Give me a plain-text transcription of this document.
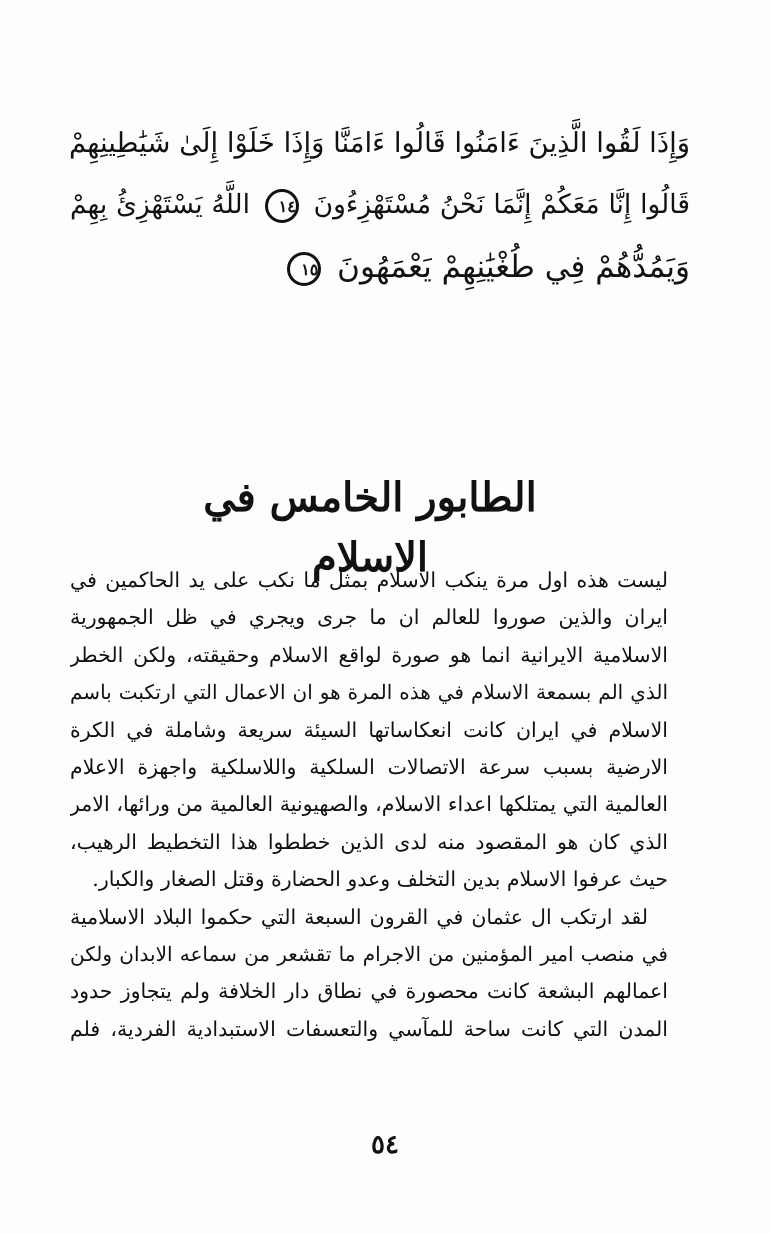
وَإِذَا لَقُوا الَّذِينَ ءَامَنُوا قَالُوا ءَامَنَّا وَإِذَا خَلَوْا إِلَىٰ شَيَٰطِينِهِمْ
قَالُوا إِنَّا مَعَكُمْ إِنَّمَا نَحْنُ مُسْتَهْزِءُونَ ١٤ اللَّهُ يَسْتَهْزِئُ بِهِمْ
وَيَمُدُّهُمْ فِي طُغْيَٰنِهِمْ يَعْمَهُونَ ١٥
الطابور الخامس في الاسلام
ليست هذه اول مرة ينكب الاسلام بمثل ما نكب على يد الحاكمين في
ايران والذين صوروا للعالم ان ما جرى ويجري في ظل الجمهورية
الاسلامية الايرانية انما هو صورة لواقع الاسلام وحقيقته، ولكن الخطر
الذي الم بسمعة الاسلام في هذه المرة هو ان الاعمال التي ارتكبت باسم
الاسلام في ايران كانت انعكاساتها السيئة سريعة وشاملة في الكرة
الارضية بسبب سرعة الاتصالات السلكية واللاسلكية واجهزة الاعلام
العالمية التي يمتلكها اعداء الاسلام، والصهيونية العالمية من ورائها، الامر
الذي كان هو المقصود منه لدى الذين خططوا هذا التخطيط الرهيب،
حيث عرفوا الاسلام بدين التخلف وعدو الحضارة وقتل الصغار والكبار.
لقد ارتكب ال عثمان في القرون السبعة التي حكموا البلاد الاسلامية
في منصب امير المؤمنين من الاجرام ما تقشعر من سماعه الابدان ولكن
اعمالهم البشعة كانت محصورة في نطاق دار الخلافة ولم يتجاوز حدود
المدن التي كانت ساحة للمآسي والتعسفات الاستبدادية الفردية، فلم
٥٤
